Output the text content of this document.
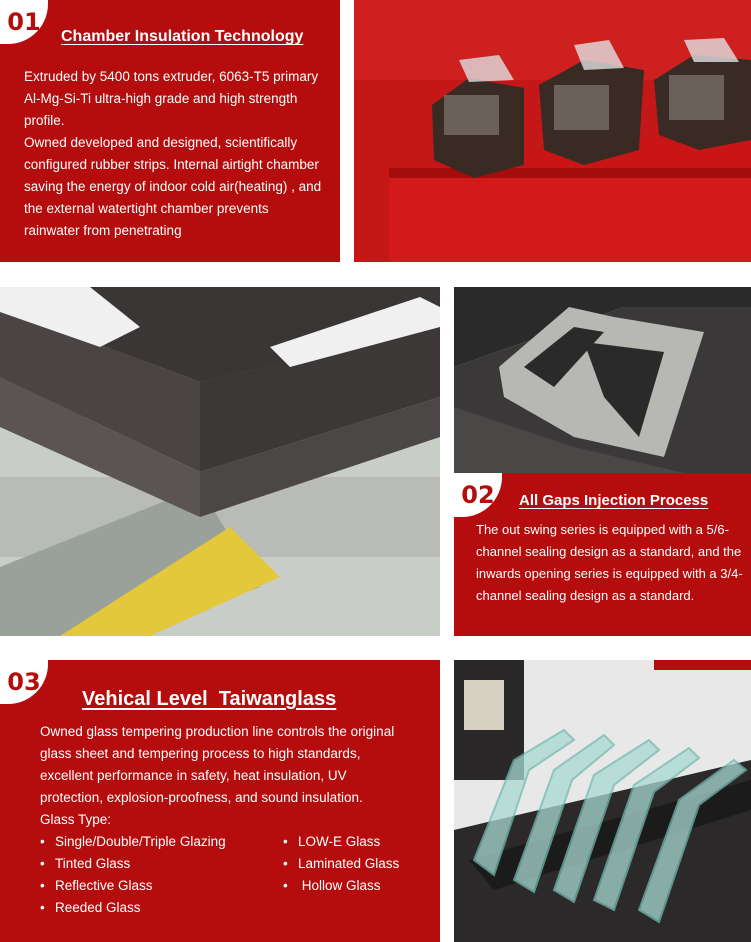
01
Chamber Insulation Technology

Extruded by 5400 tons extruder, 6063-T5 primary Al-Mg-Si-Ti ultra-high grade and high strength profile.

Owned developed and designed, scientifically configured rubber strips. Internal airtight chamber saving the energy of indoor cold air(heating) , and the external watertight chamber prevents rainwater from penetrating

02 All Gaps Injection Process
The out swing series is equipped with a 5/6-channel sealing design as a standard, and the inwards opening series is equipped with a 3/4-channel sealing design as a standard.
03
Vehical Level  Taiwanglass
Owned glass tempering production line controls the original glass sheet and tempering process to high standards, excellent performance in safety, heat insulation, UV protection, explosion-proofness, and sound insulation.
Glass Type:
• Single/Double/Triple Glazing
• Tinted Glass
• Reflective Glass
• Reeded Glass
• LOW-E Glass
• Laminated Glass
•  Hollow Glass
